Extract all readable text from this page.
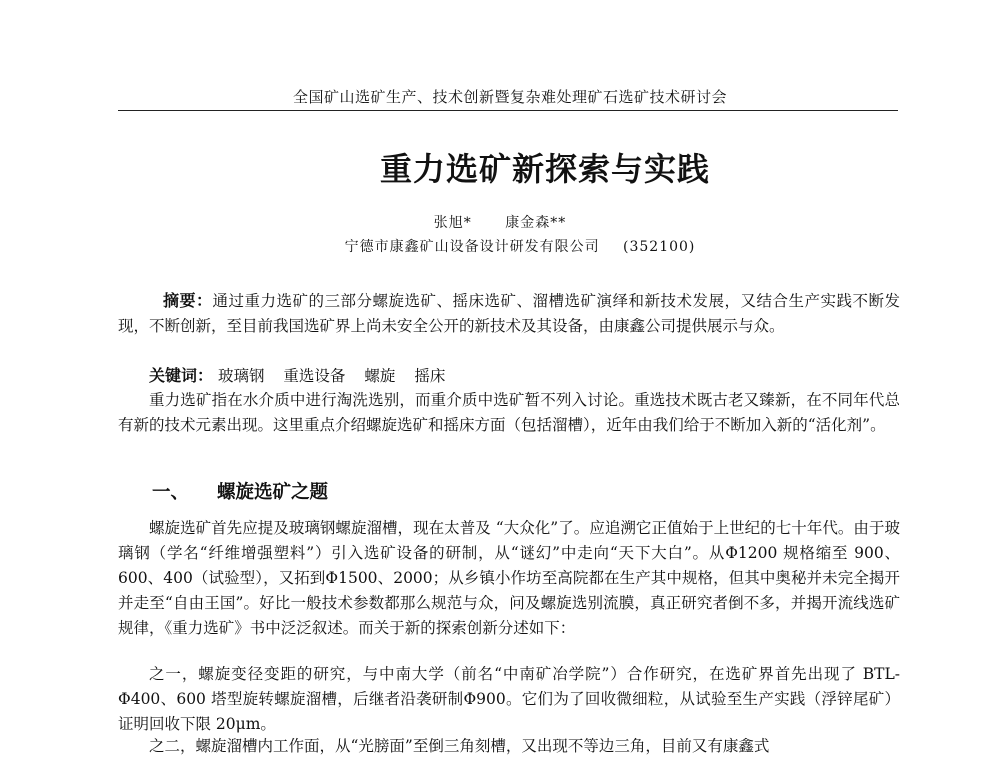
全国矿山选矿生产、技术创新暨复杂难处理矿石选矿技术研讨会
重力选矿新探索与实践
张旭* 康金森**
宁德市康鑫矿山设备设计研发有限公司 (352100)
摘要：通过重力选矿的三部分螺旋选矿、摇床选矿、溜槽选矿演绎和新技术发展，又结合生产实践不断发现，不断创新，至目前我国选矿界上尚未安全公开的新技术及其设备，由康鑫公司提供展示与众。
关键词： 玻璃钢 重选设备 螺旋 摇床
重力选矿指在水介质中进行淘洗选别，而重介质中选矿暂不列入讨论。重选技术既古老又臻新，在不同年代总有新的技术元素出现。这里重点介绍螺旋选矿和摇床方面（包括溜槽），近年由我们给于不断加入新的“活化剂”。
一、 螺旋选矿之题
螺旋选矿首先应提及玻璃钢螺旋溜槽，现在太普及 “大众化”了。应追溯它正值始于上世纪的七十年代。由于玻璃钢（学名“纤维增强塑料”）引入选矿设备的研制，从“谜幻”中走向“天下大白”。从Φ1200 规格缩至 900、600、400（试验型），又拓到Φ1500、2000；从乡镇小作坊至高院都在生产其中规格，但其中奥秘并未完全揭开并走至“自由王国”。好比一般技术参数都那么规范与众，问及螺旋选别流膜，真正研究者倒不多，并揭开流线选矿规律，《重力选矿》书中泛泛叙述。而关于新的探索创新分述如下：
之一，螺旋变径变距的研究，与中南大学（前名“中南矿冶学院”）合作研究，在选矿界首先出现了 BTL-Φ400、600 塔型旋转螺旋溜槽，后继者沿袭研制Φ900。它们为了回收微细粒，从试验至生产实践（浮锌尾矿）证明回收下限 20μm。
之二，螺旋溜槽内工作面，从“光膀面”至倒三角刻槽，又出现不等边三角，目前又有康鑫式
